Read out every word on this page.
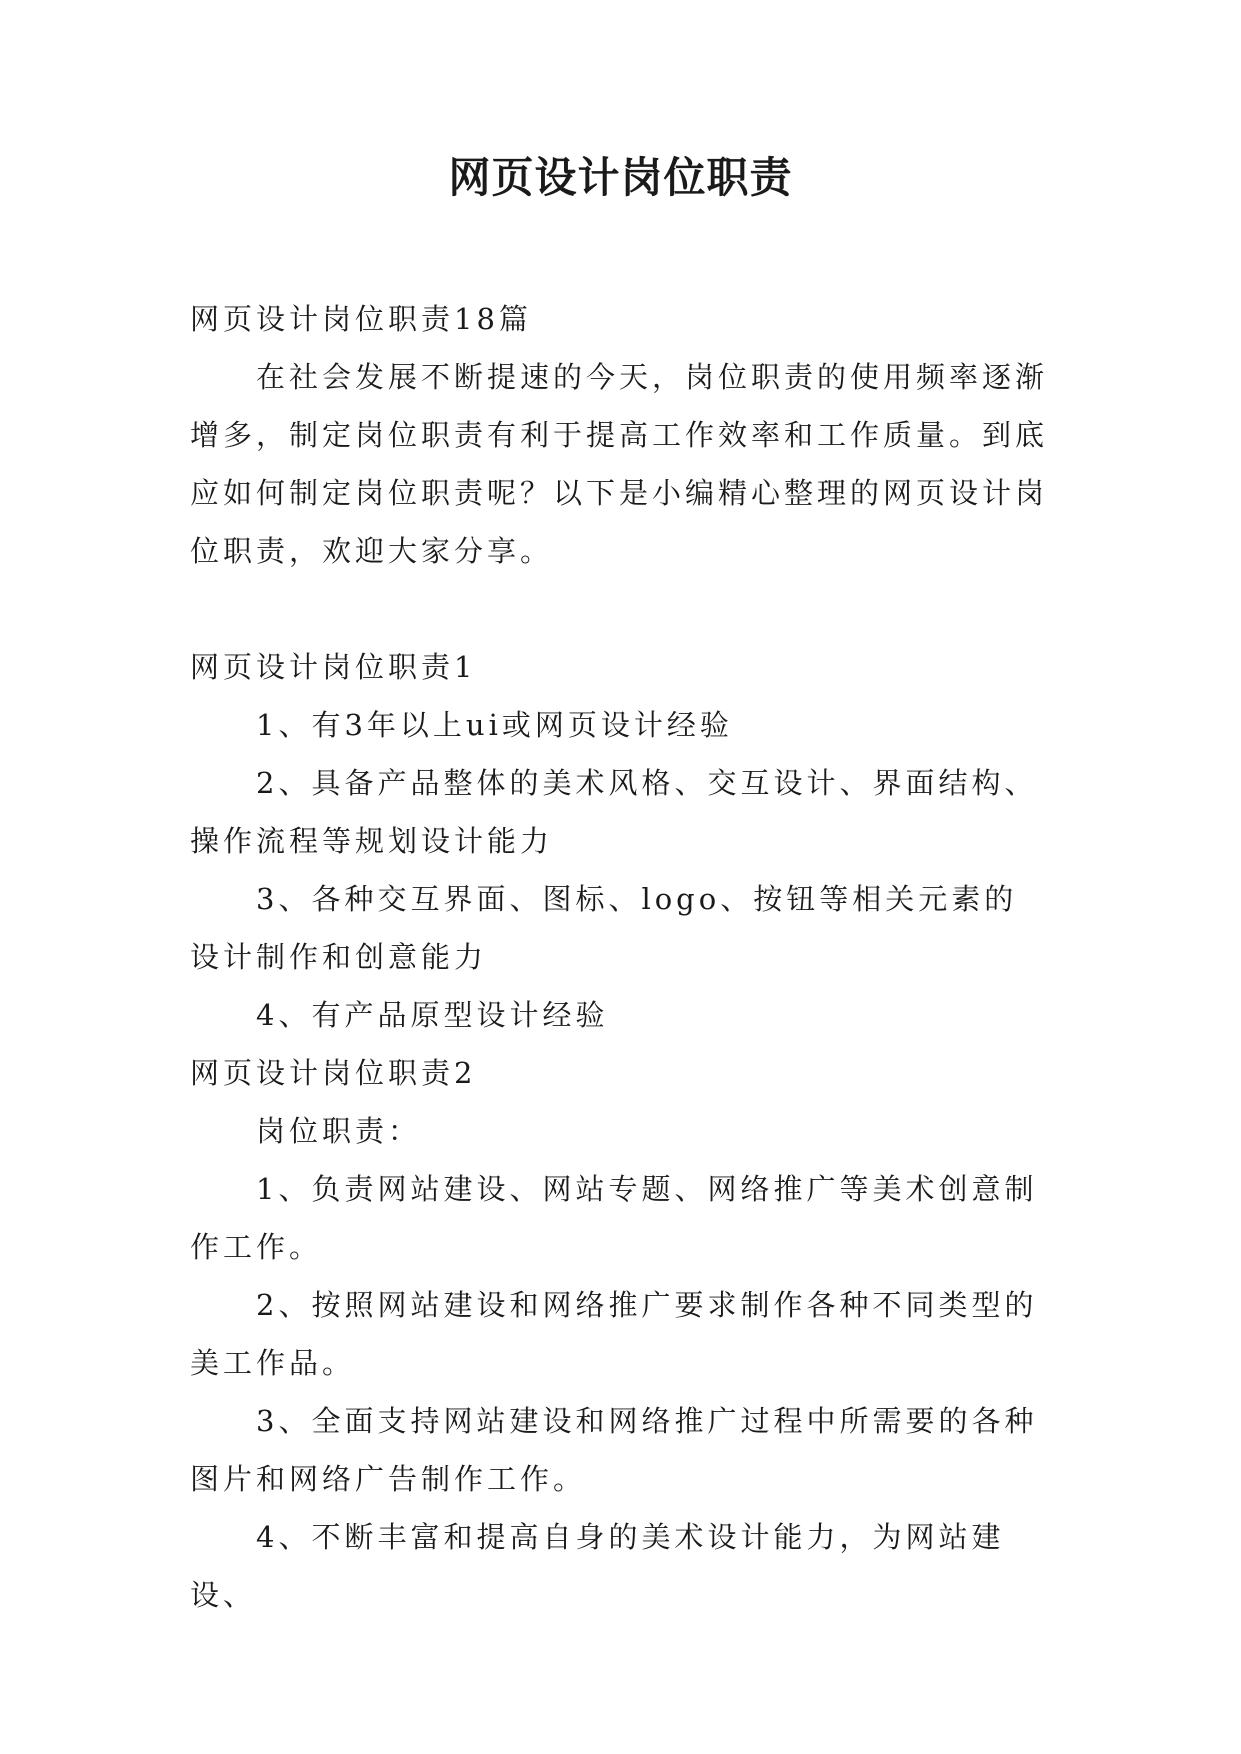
网页设计岗位职责

网页设计岗位职责18篇

在社会发展不断提速的今天，岗位职责的使用频率逐渐增多，制定岗位职责有利于提高工作效率和工作质量。到底应如何制定岗位职责呢？以下是小编精心整理的网页设计岗位职责，欢迎大家分享。

网页设计岗位职责1

1、有3年以上ui或网页设计经验

2、具备产品整体的美术风格、交互设计、界面结构、操作流程等规划设计能力

3、各种交互界面、图标、logo、按钮等相关元素的设计制作和创意能力

4、有产品原型设计经验

网页设计岗位职责2

岗位职责：

1、负责网站建设、网站专题、网络推广等美术创意制作工作。

2、按照网站建设和网络推广要求制作各种不同类型的美工作品。

3、全面支持网站建设和网络推广过程中所需要的各种图片和网络广告制作工作。

4、不断丰富和提高自身的美术设计能力，为网站建设、
